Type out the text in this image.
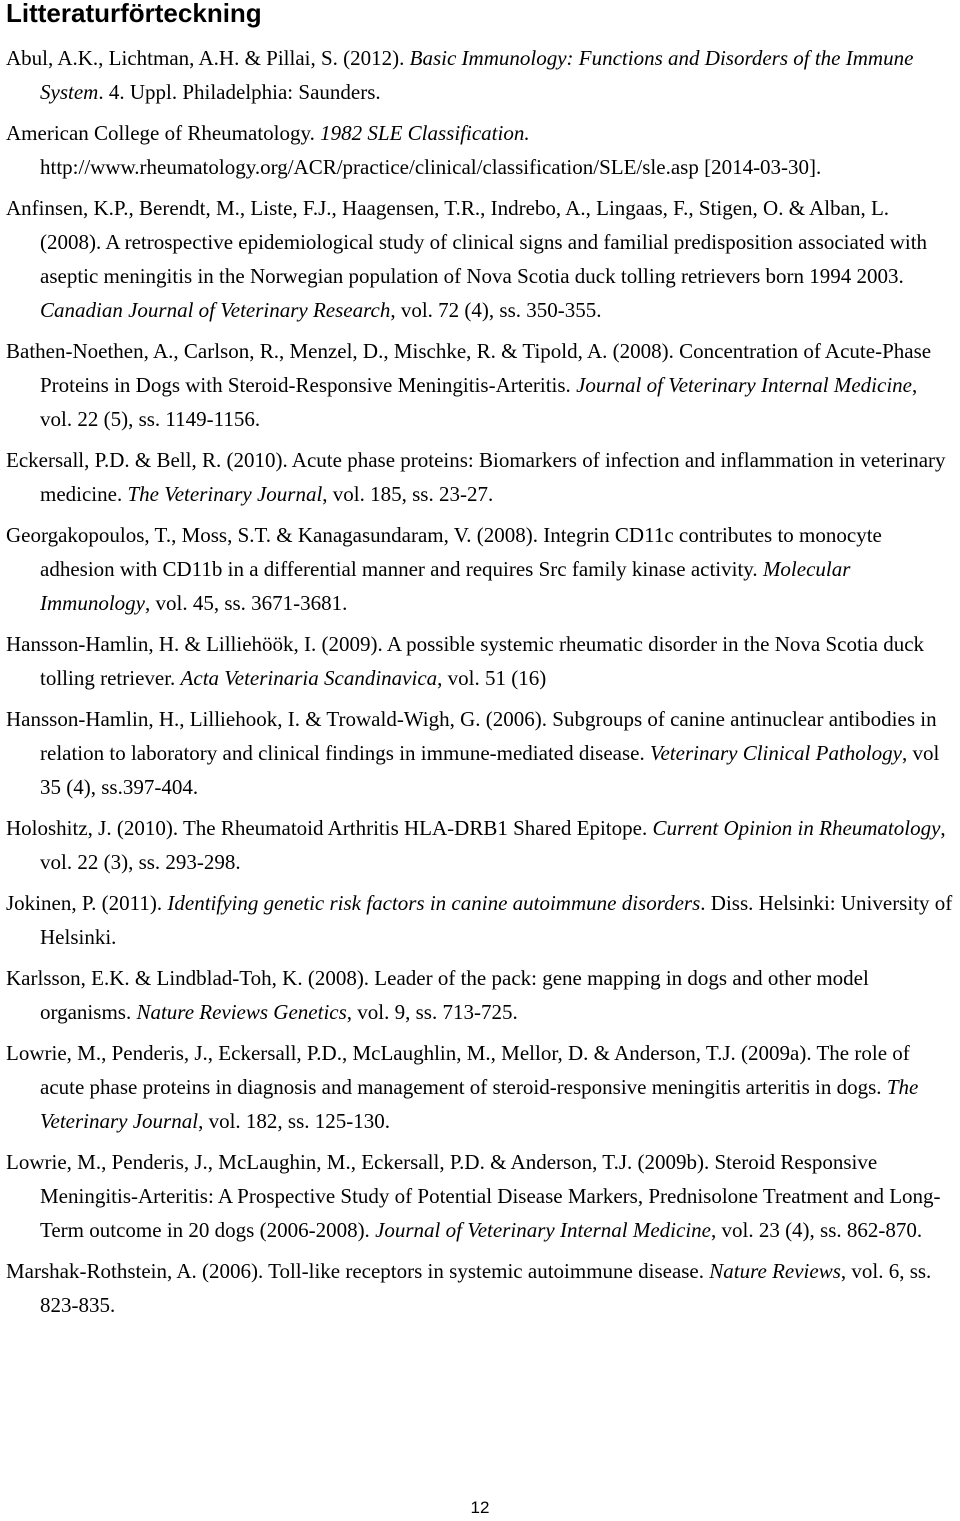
Litteraturförteckning

Abul, A.K., Lichtman, A.H. & Pillai, S. (2012). Basic Immunology: Functions and Disorders of the Immune System. 4. Uppl. Philadelphia: Saunders.

American College of Rheumatology. 1982 SLE Classification. http://www.rheumatology.org/ACR/practice/clinical/classification/SLE/sle.asp [2014-03-30].

Anfinsen, K.P., Berendt, M., Liste, F.J., Haagensen, T.R., Indrebo, A., Lingaas, F., Stigen, O. & Alban, L. (2008). A retrospective epidemiological study of clinical signs and familial predisposition associated with aseptic meningitis in the Norwegian population of Nova Scotia duck tolling retrievers born 1994 2003. Canadian Journal of Veterinary Research, vol. 72 (4), ss. 350-355.

Bathen-Noethen, A., Carlson, R., Menzel, D., Mischke, R. & Tipold, A. (2008). Concentration of Acute-Phase Proteins in Dogs with Steroid-Responsive Meningitis-Arteritis. Journal of Veterinary Internal Medicine, vol. 22 (5), ss. 1149-1156.

Eckersall, P.D. & Bell, R. (2010). Acute phase proteins: Biomarkers of infection and inflammation in veterinary medicine. The Veterinary Journal, vol. 185, ss. 23-27.

Georgakopoulos, T., Moss, S.T. & Kanagasundaram, V. (2008). Integrin CD11c contributes to monocyte adhesion with CD11b in a differential manner and requires Src family kinase activity. Molecular Immunology, vol. 45, ss. 3671-3681.

Hansson-Hamlin, H. & Lilliehöök, I. (2009). A possible systemic rheumatic disorder in the Nova Scotia duck tolling retriever. Acta Veterinaria Scandinavica, vol. 51 (16)

Hansson-Hamlin, H., Lilliehook, I. & Trowald-Wigh, G. (2006). Subgroups of canine antinuclear antibodies in relation to laboratory and clinical findings in immune-mediated disease. Veterinary Clinical Pathology, vol 35 (4), ss.397-404.

Holoshitz, J. (2010). The Rheumatoid Arthritis HLA-DRB1 Shared Epitope. Current Opinion in Rheumatology, vol. 22 (3), ss. 293-298.

Jokinen, P. (2011). Identifying genetic risk factors in canine autoimmune disorders. Diss. Helsinki: University of Helsinki.

Karlsson, E.K. & Lindblad-Toh, K. (2008). Leader of the pack: gene mapping in dogs and other model organisms. Nature Reviews Genetics, vol. 9, ss. 713-725.

Lowrie, M., Penderis, J., Eckersall, P.D., McLaughlin, M., Mellor, D. & Anderson, T.J. (2009a). The role of acute phase proteins in diagnosis and management of steroid-responsive meningitis arteritis in dogs. The Veterinary Journal, vol. 182, ss. 125-130.

Lowrie, M., Penderis, J., McLaughin, M., Eckersall, P.D. & Anderson, T.J. (2009b). Steroid Responsive Meningitis-Arteritis: A Prospective Study of Potential Disease Markers, Prednisolone Treatment and Long-Term outcome in 20 dogs (2006-2008). Journal of Veterinary Internal Medicine, vol. 23 (4), ss. 862-870.

Marshak-Rothstein, A. (2006). Toll-like receptors in systemic autoimmune disease. Nature Reviews, vol. 6, ss. 823-835.

12
